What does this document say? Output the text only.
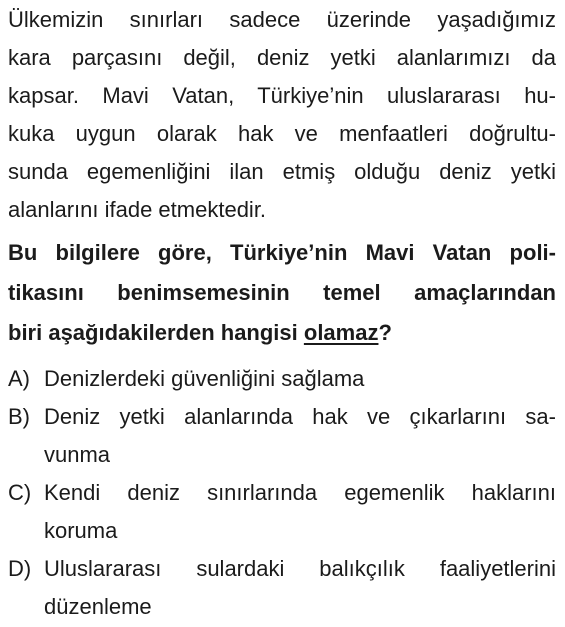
Ülkemizin sınırları sadece üzerinde yaşadığımız
kara parçasını değil, deniz yetki alanlarımızı da
kapsar. Mavi Vatan, Türkiye’nin uluslararası hu-
kuka uygun olarak hak ve menfaatleri doğrultu-
sunda egemenliğini ilan etmiş olduğu deniz yetki
alanlarını ifade etmektedir.
Bu bilgilere göre, Türkiye’nin Mavi Vatan poli-
tikasını benimsemesinin temel amaçlarından
biri aşağıdakilerden hangisi olamaz?
A) Denizlerdeki güvenliğini sağlama
B) Deniz yetki alanlarında hak ve çıkarlarını sa-
vunma
C) Kendi deniz sınırlarında egemenlik haklarını
koruma
D) Uluslararası sulardaki balıkçılık faaliyetlerini
düzenleme
